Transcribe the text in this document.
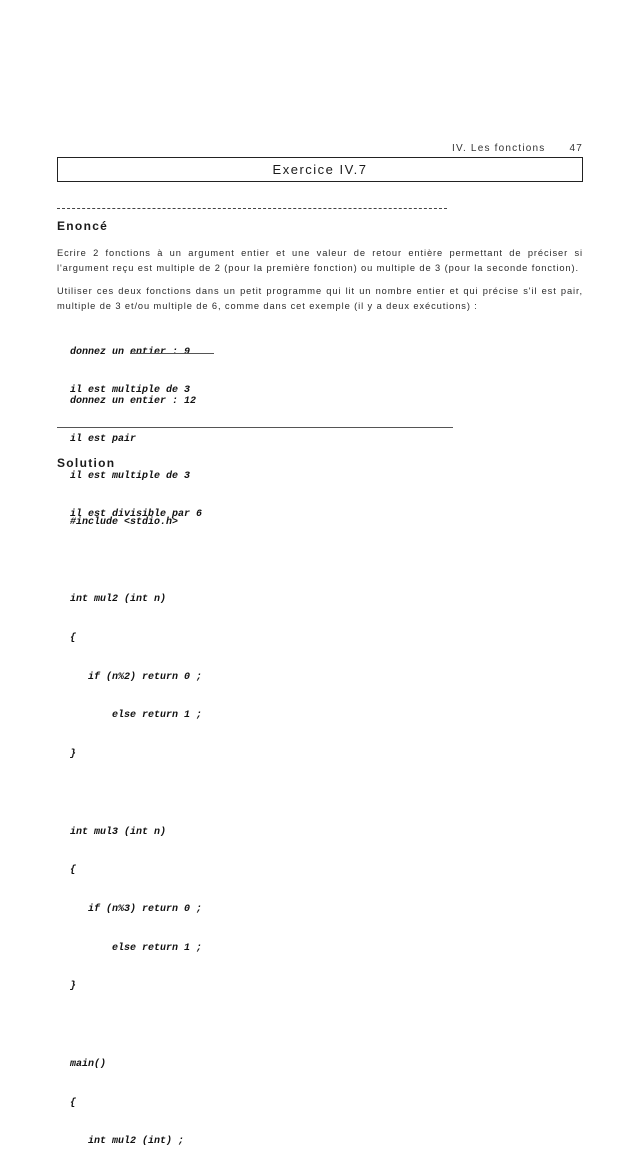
IV. Les fonctions 47
Exercice IV.7
Enoncé
Ecrire 2 fonctions à un argument entier et une valeur de retour entière permettant de préciser si l'argument reçu est multiple de 2 (pour la première fonction) ou multiple de 3 (pour la seconde fonction).
Utiliser ces deux fonctions dans un petit programme qui lit un nombre entier et qui précise s'il est pair, multiple de 3 et/ou multiple de 6, comme dans cet exemple (il y a deux exécutions) :

donnez un entier : 9

il est multiple de 3

donnez un entier : 12

il est pair

il est multiple de 3

il est divisible par 6

Solution

#include <stdio.h>

int mul2 (int n)

{

if (n%2) return 0 ;

else return 1 ;

}

int mul3 (int n)

{

if (n%3) return 0 ;

else return 1 ;

}

main()

{

int mul2 (int) ;
